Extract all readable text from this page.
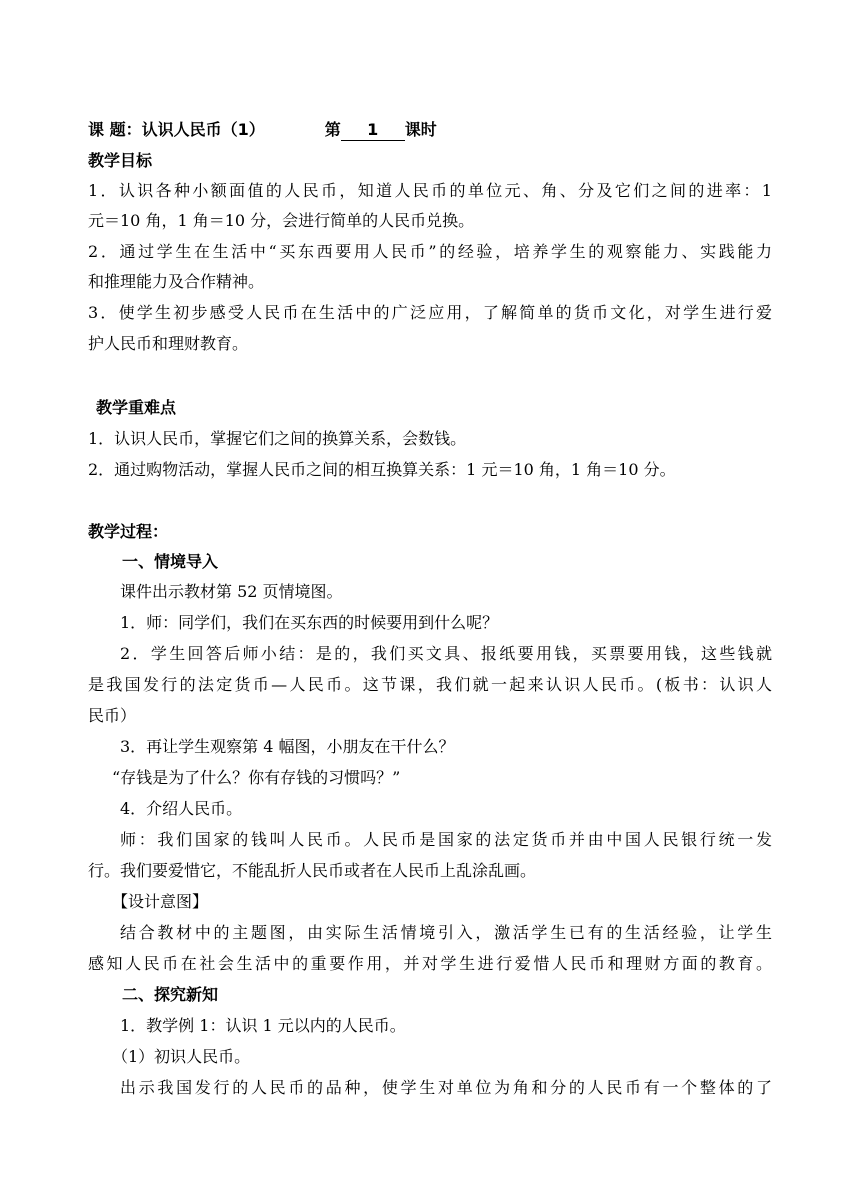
课 题：认识人民币（1）	第 1 课时
教学目标
1．认识各种小额面值的人民币，知道人民币的单位元、角、分及它们之间的进率：1
元＝10 角，1 角＝10 分，会进行简单的人民币兑换。
2．通过学生在生活中“买东西要用人民币”的经验，培养学生的观察能力、实践能力
和推理能力及合作精神。
3．使学生初步感受人民币在生活中的广泛应用，了解简单的货币文化，对学生进行爱
护人民币和理财教育。
教学重难点
1．认识人民币，掌握它们之间的换算关系，会数钱。
2．通过购物活动，掌握人民币之间的相互换算关系：1 元＝10 角，1 角＝10 分。
教学过程：
一、情境导入
课件出示教材第 52 页情境图。
1．师：同学们，我们在买东西的时候要用到什么呢？
2．学生回答后师小结：是的，我们买文具、报纸要用钱，买票要用钱，这些钱就
是我国发行的法定货币—人民币。这节课，我们就一起来认识人民币。(板书：认识人
民币）
3．再让学生观察第 4 幅图，小朋友在干什么？
“存钱是为了什么？你有存钱的习惯吗？”
4．介绍人民币。
师：我们国家的钱叫人民币。人民币是国家的法定货币并由中国人民银行统一发
行。我们要爱惜它，不能乱折人民币或者在人民币上乱涂乱画。
【设计意图】
结合教材中的主题图，由实际生活情境引入，激活学生已有的生活经验，让学生
感知人民币在社会生活中的重要作用，并对学生进行爱惜人民币和理财方面的教育。
二、探究新知
1．教学例 1：认识 1 元以内的人民币。
（1）初识人民币。
出示我国发行的人民币的品种，使学生对单位为角和分的人民币有一个整体的了
